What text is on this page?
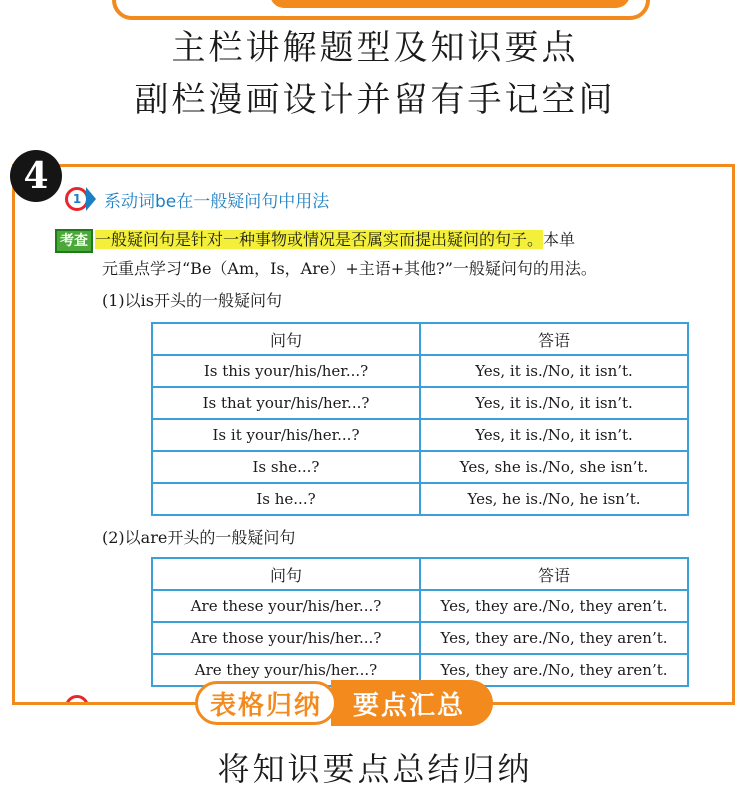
主栏讲解题型及知识要点
副栏漫画设计并留有手记空间
4
1	系动词be在一般疑问句中用法
考查 一般疑问句是针对一种事物或情况是否属实而提出疑问的句子。本单
元重点学习“Be（Am，Is，Are）+主语+其他?”一般疑问句的用法。
(1)以is开头的一般疑问句
问句	答语
Is this your/his/her...?	Yes, it is./No, it isn’t.
Is that your/his/her...?	Yes, it is./No, it isn’t.
Is it your/his/her...?	Yes, it is./No, it isn’t.
Is she...?	Yes, she is./No, she isn’t.
Is he...?	Yes, he is./No, he isn’t.
(2)以are开头的一般疑问句
问句	答语
Are these your/his/her...?	Yes, they are./No, they aren’t.
Are those your/his/her...?	Yes, they are./No, they aren’t.
Are they your/his/her...?	Yes, they are./No, they aren’t.
表格归纳	要点汇总
将知识要点总结归纳
